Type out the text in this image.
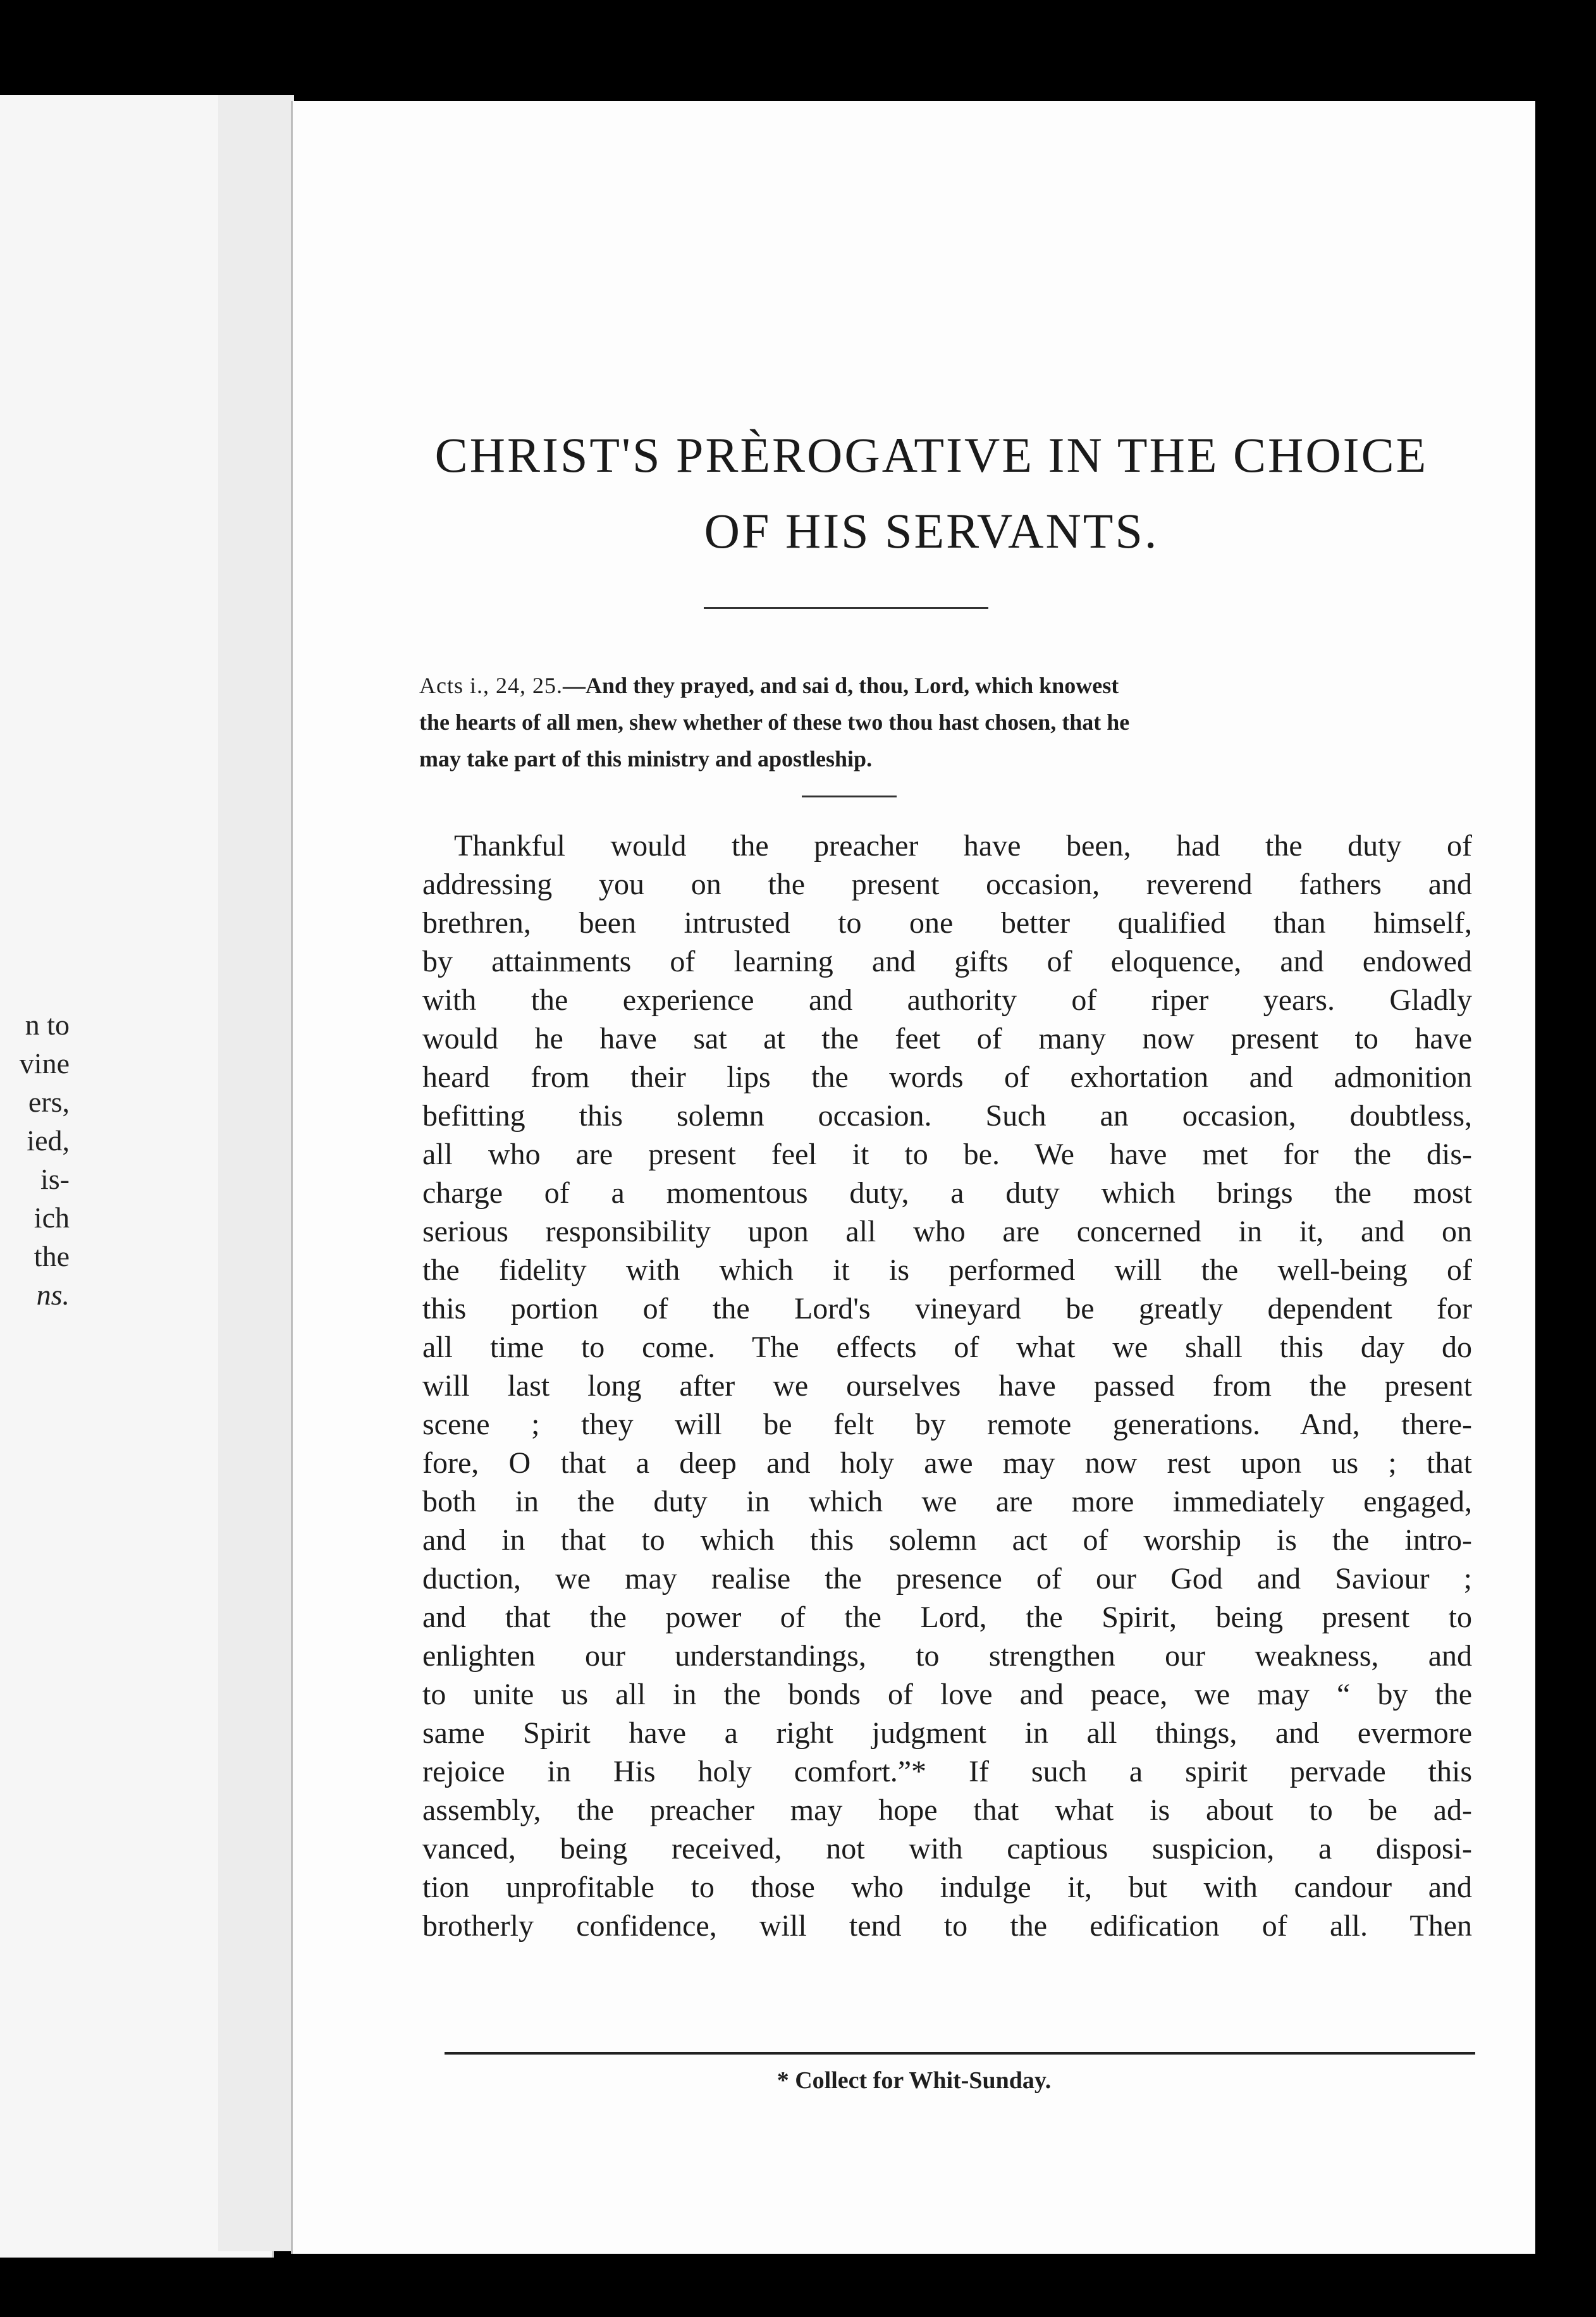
n to
vine
ers,
ied,
is-
ich
the
ns.
CHRIST'S PRÈROGATIVE IN THE CHOICE
OF HIS SERVANTS.
Acts i., 24, 25.—And they prayed, and sai d, thou, Lord, which knowest
the hearts of all men, shew whether of these two thou hast chosen, that he
may take part of this ministry and apostleship.
Thankful would the preacher have been, had the duty of
addressing you on the present occasion, reverend fathers and
brethren, been intrusted to one better qualified than himself,
by attainments of learning and gifts of eloquence, and endowed
with the experience and authority of riper years. Gladly
would he have sat at the feet of many now present to have
heard from their lips the words of exhortation and admonition
befitting this solemn occasion. Such an occasion, doubtless,
all who are present feel it to be. We have met for the dis-
charge of a momentous duty, a duty which brings the most
serious responsibility upon all who are concerned in it, and on
the fidelity with which it is performed will the well-being of
this portion of the Lord's vineyard be greatly dependent for
all time to come. The effects of what we shall this day do
will last long after we ourselves have passed from the present
scene ; they will be felt by remote generations. And, there-
fore, O that a deep and holy awe may now rest upon us ; that
both in the duty in which we are more immediately engaged,
and in that to which this solemn act of worship is the intro-
duction, we may realise the presence of our God and Saviour ;
and that the power of the Lord, the Spirit, being present to
enlighten our understandings, to strengthen our weakness, and
to unite us all in the bonds of love and peace, we may “ by the
same Spirit have a right judgment in all things, and evermore
rejoice in His holy comfort.”* If such a spirit pervade this
assembly, the preacher may hope that what is about to be ad-
vanced, being received, not with captious suspicion, a disposi-
tion unprofitable to those who indulge it, but with candour and
brotherly confidence, will tend to the edification of all. Then

* Collect for Whit-Sunday.
